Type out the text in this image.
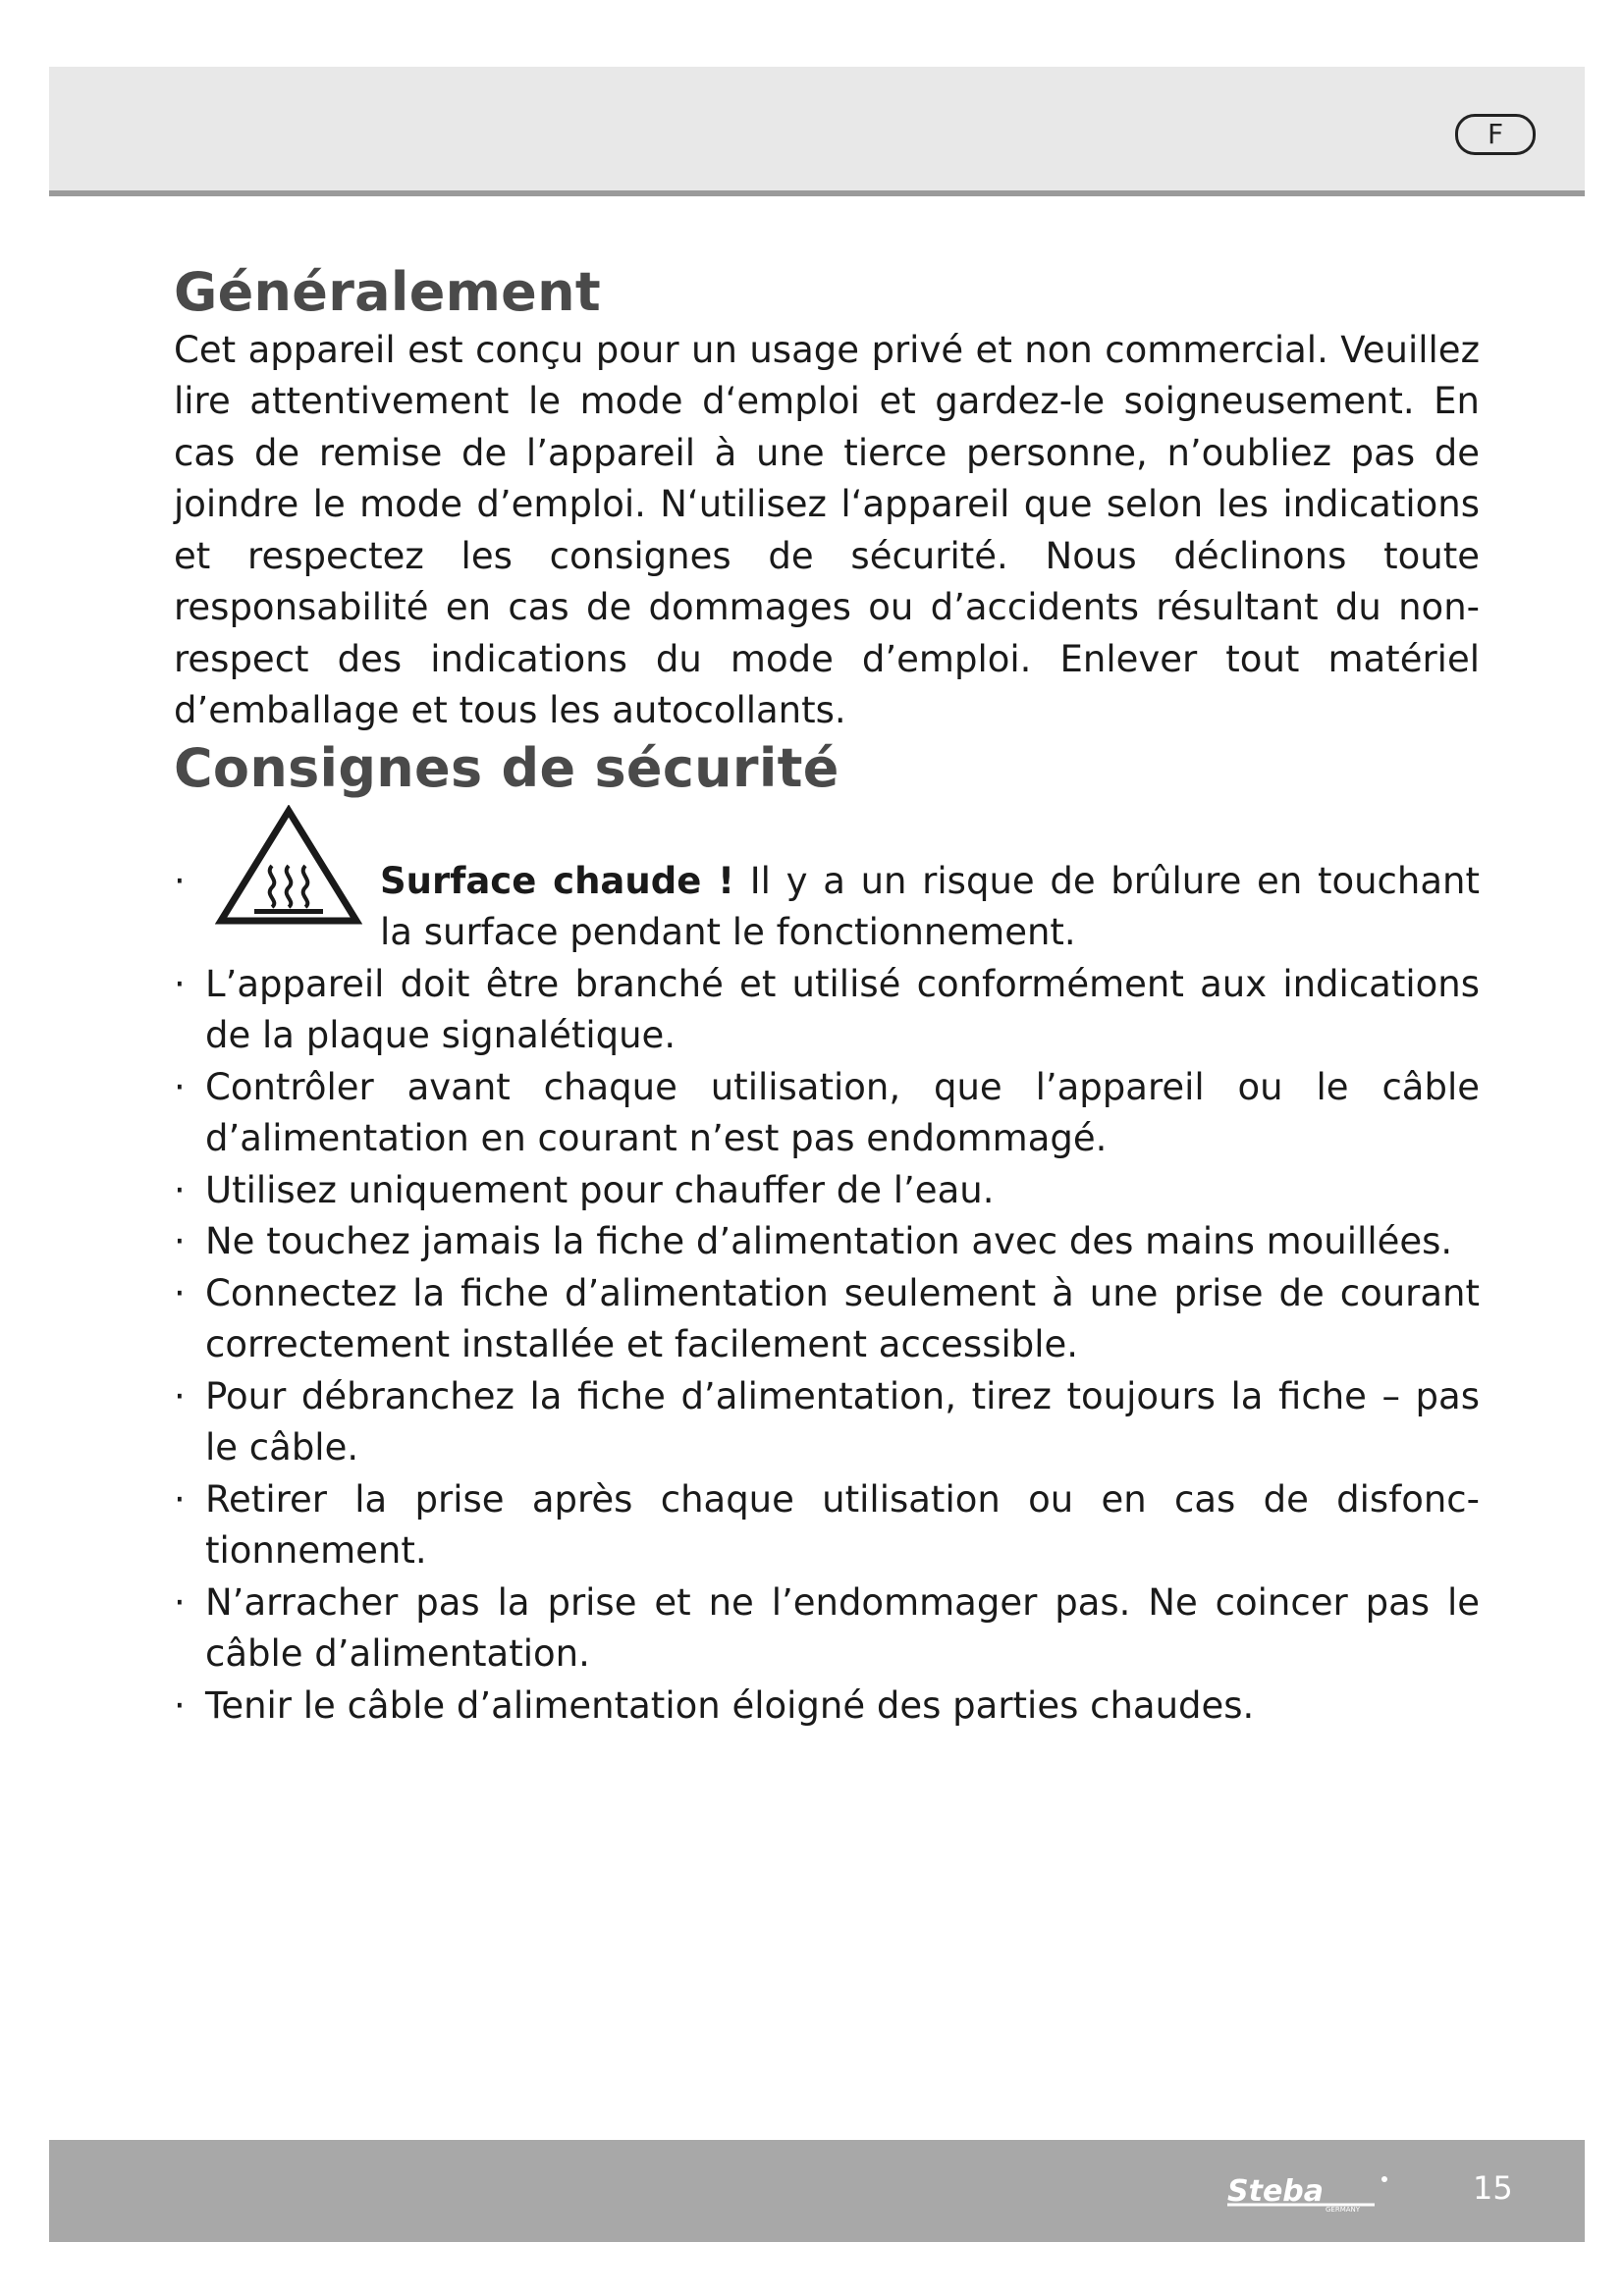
F
Généralement

Cet appareil est conçu pour un usage privé et non commercial. Veuillez lire attentivement le mode d‘emploi et gardez-le soigneusement. En cas de remise de l’appareil à une tierce personne, n’oubliez pas de joindre le mode d’emploi. N‘utilisez l‘appareil que selon les indications et respectez les consignes de sécurité. Nous déclinons toute responsabilité en cas de dommages ou d’accidents résultant du non-respect des indications du mode d’emploi. Enlever tout matériel d’emballage et tous les autocollants.

Consignes de sécurité
·	Surface chaude ! Il y a un risque de brûlure en touchant la surface pendant le fonctionnement.
· L’appareil doit être branché et utilisé conformément aux indications de la plaque signalétique.
· Contrôler avant chaque utilisation, que l’appareil ou le câble d’alimentation en courant n’est pas endommagé.
· Utilisez uniquement pour chauffer de l’eau.
· Ne touchez jamais la fiche d’alimentation avec des mains mouillées.
· Connectez la fiche d’alimentation seulement à une prise de courant correctement installée et facilement accessible.
· Pour débranchez la fiche d’alimentation, tirez toujours la fiche – pas le câble.
· Retirer la prise après chaque utilisation ou en cas de disfonctionnement.
· N’arracher pas la prise et ne l’endommager pas. Ne coincer pas le câble d’alimentation.
· Tenir le câble d’alimentation éloigné des parties chaudes.
Steba
GERMANY
15
